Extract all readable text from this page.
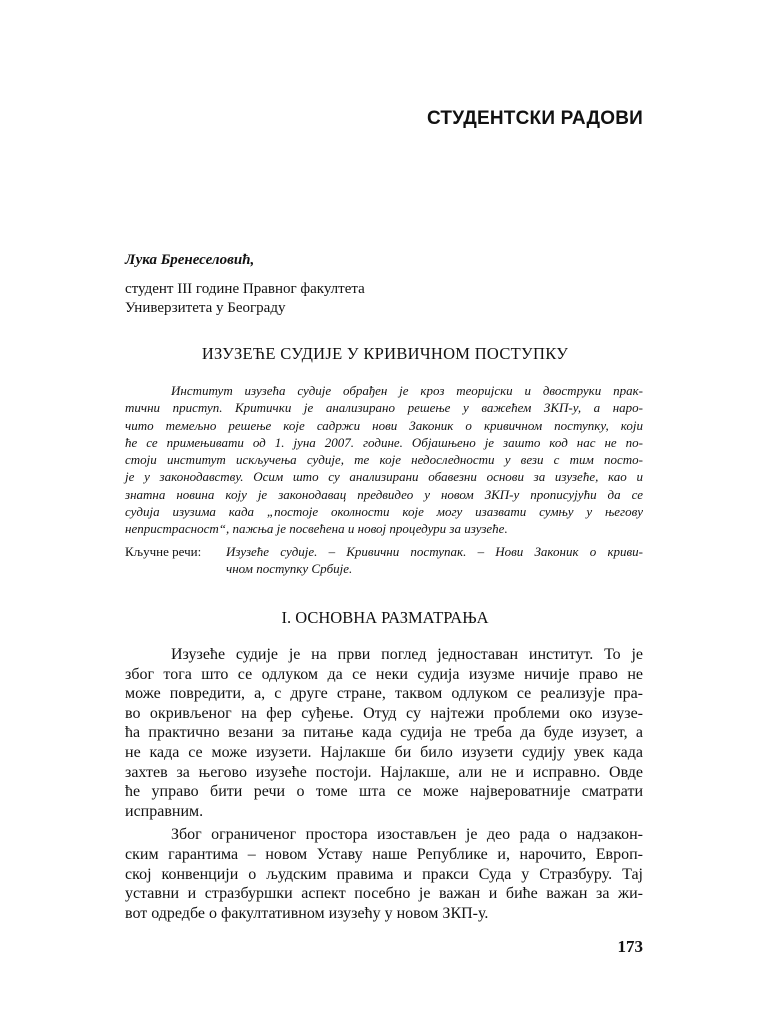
СТУДЕНТСКИ РАДОВИ
Лука Бренеселовић,
студент III године Правног факултета
Универзитета у Београду
ИЗУЗЕЋЕ СУДИЈЕ У КРИВИЧНОМ ПОСТУПКУ
Институт изузећа судије обрађен је кроз теоријски и двоструки прак-
тични приступ. Критички је анализирано решење у важећем ЗКП-у, а наро-
чито темељно решење које садржи нови Законик о кривичном поступку, који
ће се примењивати од 1. јуна 2007. године. Објашњено је зашто код нас не по-
стоји институт искључења судије, те које недоследности у вези с тим посто-
је у законодавству. Осим што су анализирани обавезни основи за изузеће, као и
знатна новина коју је законодавац предвидео у новом ЗКП-у прописујући да се
судија изузима када „постоје околности које могу изазвати сумњу у његову
непристрасност“, пажња је посвећена и новој процедури за изузеће.
Кључне речи: Изузеће судије. – Кривични поступак. – Нови Законик о криви-
чном поступку Србије.
I. ОСНОВНА РАЗМАТРАЊА
Изузеће судије је на први поглед једноставан институт. То је
због тога што се одлуком да се неки судија изузме ничије право не
може повредити, а, с друге стране, таквом одлуком се реализује пра-
во окривљеног на фер суђење. Отуд су најтежи проблеми око изузе-
ћа практично везани за питање када судија не треба да буде изузет, а
не када се може изузети. Најлакше би било изузети судију увек када
захтев за његово изузеће постоји. Најлакше, али не и исправно. Овде
ће управо бити речи о томе шта се може највероватније сматрати
исправним.
Због ограниченог простора изостављен је део рада о надзакон-
ским гарантима – новом Уставу наше Републике и, нарочито, Европ-
ској конвенцији о људским правима и пракси Суда у Стразбуру. Тај
уставни и стразбуршки аспект посебно је важан и биће важан за жи-
вот одредбе о факултативном изузећу у новом ЗКП-у.
173
